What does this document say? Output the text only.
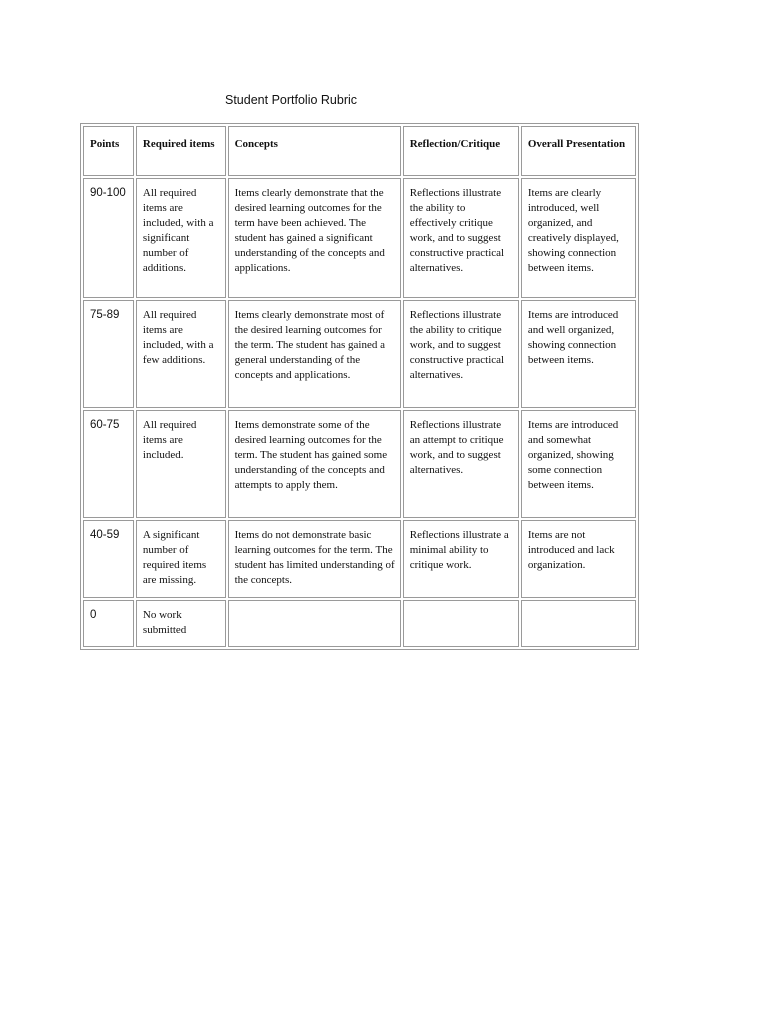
Student Portfolio Rubric
Points	Required items	Concepts	Reflection/Critique	Overall Presentation
90-100	All required items are included, with a significant number of additions.	Items clearly demonstrate that the desired learning outcomes for the term have been achieved. The student has gained a significant understanding of the concepts and applications.	Reflections illustrate the ability to effectively critique work, and to suggest constructive practical alternatives.	Items are clearly introduced, well organized, and creatively displayed, showing connection between items.
75-89	All required items are included, with a few additions.	Items clearly demonstrate most of the desired learning outcomes for the term. The student has gained a general understanding of the concepts and applications.	Reflections illustrate the ability to critique work, and to suggest constructive practical alternatives.	Items are introduced and well organized, showing connection between items.
60-75	All required items are included.	Items demonstrate some of the desired learning outcomes for the term. The student has gained some understanding of the concepts and attempts to apply them.	Reflections illustrate an attempt to critique work, and to suggest alternatives.	Items are introduced and somewhat organized, showing some connection between items.
40-59	A significant number of required items are missing.	Items do not demonstrate basic learning outcomes for the term. The student has limited understanding of the concepts.	Reflections illustrate a minimal ability to critique work.	Items are not introduced and lack organization.
0	No work submitted			
